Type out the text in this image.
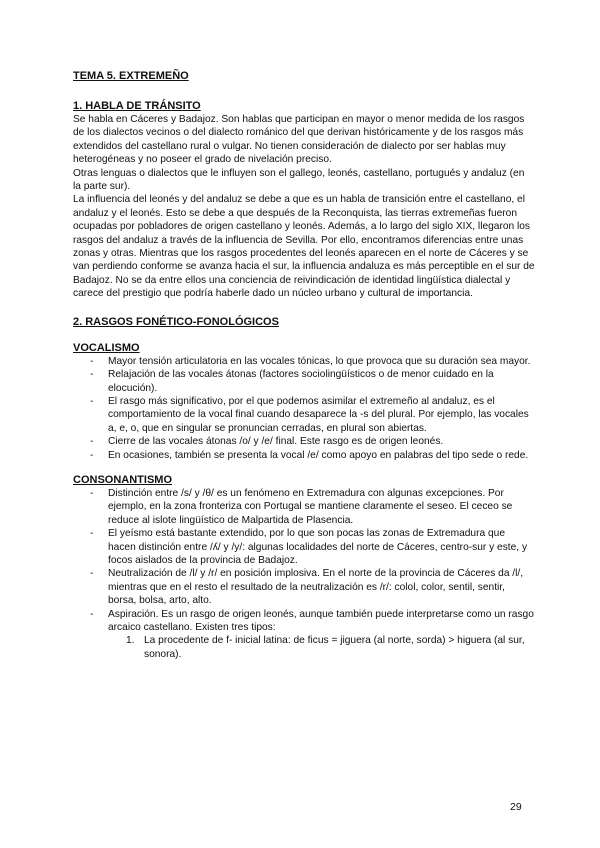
TEMA 5. EXTREMEÑO

1. HABLA DE TRÁNSITO

Se habla en Cáceres y Badajoz. Son hablas que participan en mayor o menor medida de los rasgos de los dialectos vecinos o del dialecto románico del que derivan históricamente y de los rasgos más extendidos del castellano rural o vulgar. No tienen consideración de dialecto por ser hablas muy heterogéneas y no poseer el grado de nivelación preciso.

Otras lenguas o dialectos que le influyen son el gallego, leonés, castellano, portugués y andaluz (en la parte sur).

La influencia del leonés y del andaluz se debe a que es un habla de transición entre el castellano, el andaluz y el leonés. Esto se debe a que después de la Reconquista, las tierras extremeñas fueron ocupadas por pobladores de origen castellano y leonés. Además, a lo largo del siglo XIX, llegaron los rasgos del andaluz a través de la influencia de Sevilla. Por ello, encontramos diferencias entre unas zonas y otras. Mientras que los rasgos procedentes del leonés aparecen en el norte de Cáceres y se van perdiendo conforme se avanza hacia el sur, la influencia andaluza es más perceptible en el sur de Badajoz. No se da entre ellos una conciencia de reivindicación de identidad lingüística dialectal y carece del prestigio que podría haberle dado un núcleo urbano y cultural de importancia.

2. RASGOS FONÉTICO-FONOLÓGICOS

VOCALISMO

- Mayor tensión articulatoria en las vocales tónicas, lo que provoca que su duración sea mayor.
- Relajación de las vocales átonas (factores sociolingüísticos o de menor cuidado en la elocución).
- El rasgo más significativo, por el que podemos asimilar el extremeño al andaluz, es el comportamiento de la vocal final cuando desaparece la -s del plural. Por ejemplo, las vocales a, e, o, que en singular se pronuncian cerradas, en plural son abiertas.
- Cierre de las vocales átonas /o/ y /e/ final. Este rasgo es de origen leonés.
- En ocasiones, también se presenta la vocal /e/ como apoyo en palabras del tipo sede o rede.

CONSONANTISMO

- Distinción entre /s/ y /θ/ es un fenómeno en Extremadura con algunas excepciones. Por ejemplo, en la zona fronteriza con Portugal se mantiene claramente el seseo. El ceceo se reduce al islote lingüístico de Malpartida de Plasencia.
- El yeísmo está bastante extendido, por lo que son pocas las zonas de Extremadura que hacen distinción entre /ʎ/ y /y/: algunas localidades del norte de Cáceres, centro-sur y este, y focos aislados de la provincia de Badajoz.
- Neutralización de /l/ y /r/ en posición implosiva. En el norte de la provincia de Cáceres da /l/, mientras que en el resto el resultado de la neutralización es /r/: colol, color, sentil, sentir, borsa, bolsa, arto, alto.
- Aspiración. Es un rasgo de origen leonés, aunque también puede interpretarse como un rasgo arcaico castellano. Existen tres tipos:
1. La procedente de f- inicial latina: de ficus = jiguera (al norte, sorda) > higuera (al sur, sonora).
29
